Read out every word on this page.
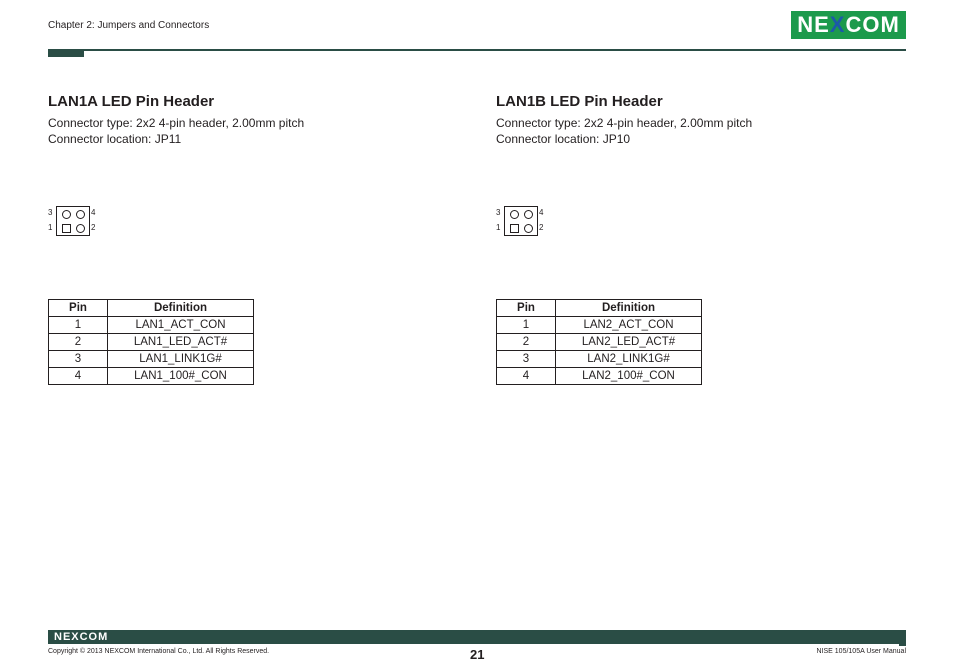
Chapter 2: Jumpers and Connectors	NEXCOM
LAN1A LED Pin Header
Connector type: 2x2 4-pin header, 2.00mm pitch
Connector location: JP11
3	4
1	2
Pin	Definition
1	LAN1_ACT_CON
2	LAN1_LED_ACT#
3	LAN1_LINK1G#
4	LAN1_100#_CON
LAN1B LED Pin Header
Connector type: 2x2 4-pin header, 2.00mm pitch
Connector location: JP10
3	4
1	2
Pin	Definition
1	LAN2_ACT_CON
2	LAN2_LED_ACT#
3	LAN2_LINK1G#
4	LAN2_100#_CON
NEXCOM
Copyright © 2013 NEXCOM International Co., Ltd. All Rights Reserved.	21	NISE 105/105A User Manual
